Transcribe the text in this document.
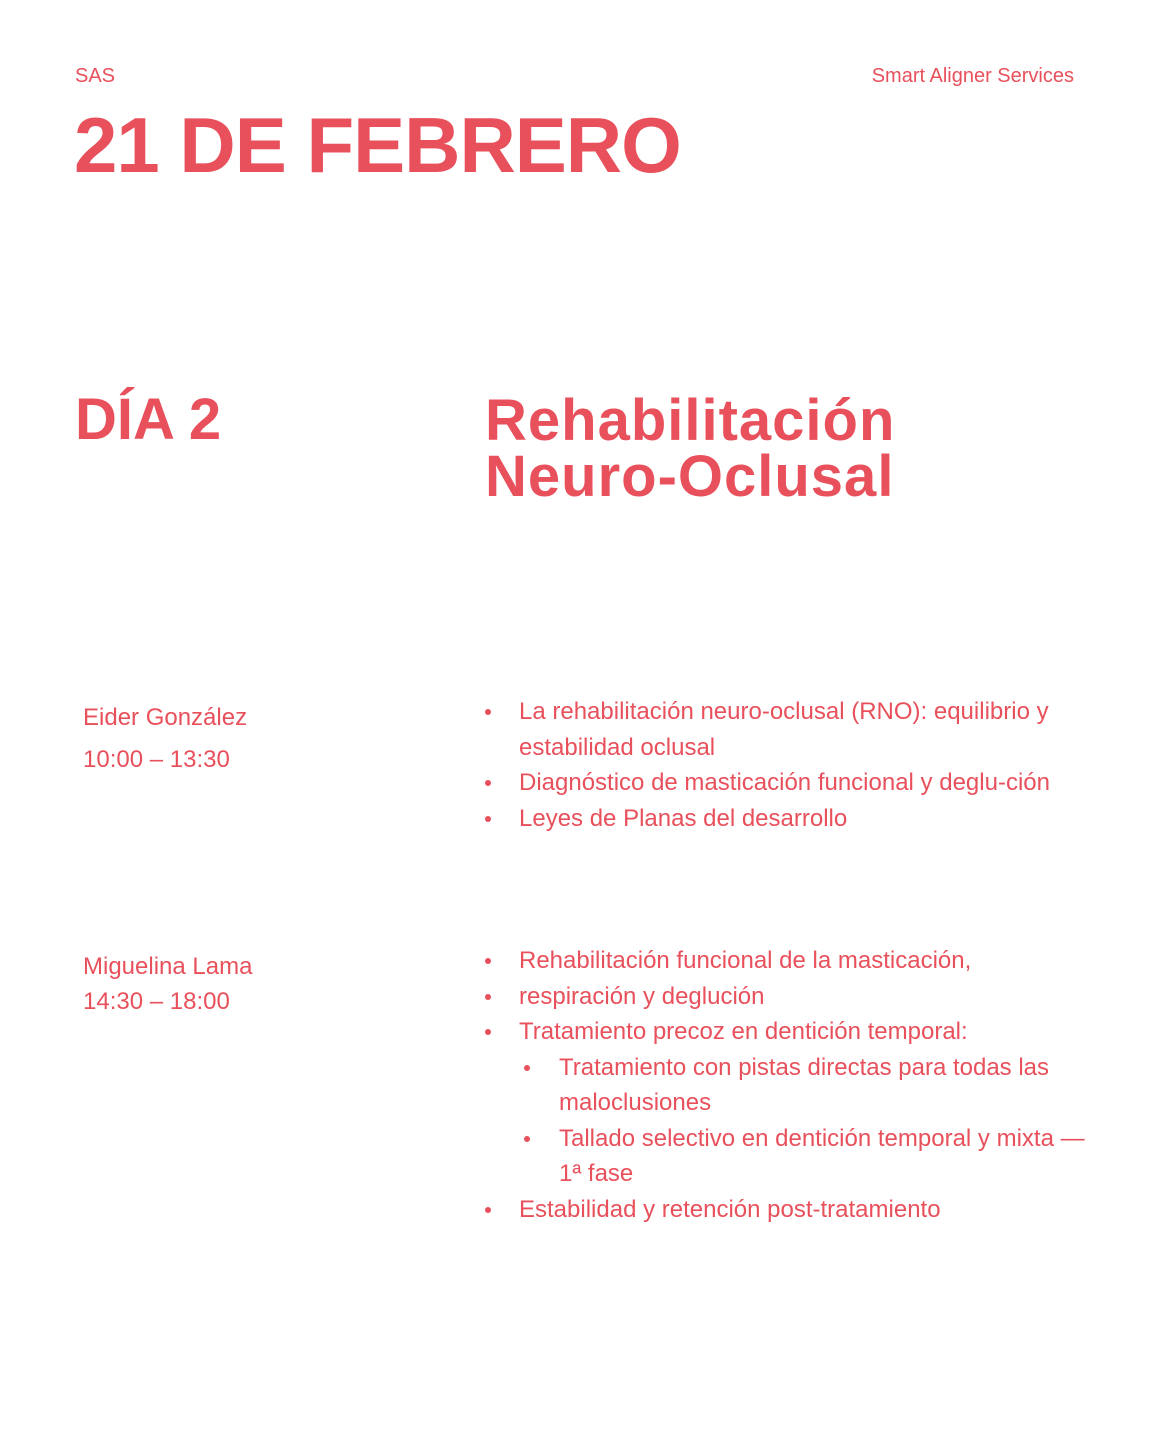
SAS	Smart Aligner Services
21 DE FEBRERO
DÍA 2	Rehabilitación
Neuro-Oclusal
Eider González
10:00 – 13:30
La rehabilitación neuro-oclusal (RNO): equilibrio y estabilidad oclusal
Diagnóstico de masticación funcional y deglu-ción
Leyes de Planas del desarrollo
Miguelina Lama
14:30 – 18:00
Rehabilitación funcional de la masticación,
respiración y deglución
Tratamiento precoz en dentición temporal:
Tratamiento con pistas directas para todas las maloclusiones
Tallado selectivo en dentición temporal y mixta — 1ª fase
Estabilidad y retención post-tratamiento
